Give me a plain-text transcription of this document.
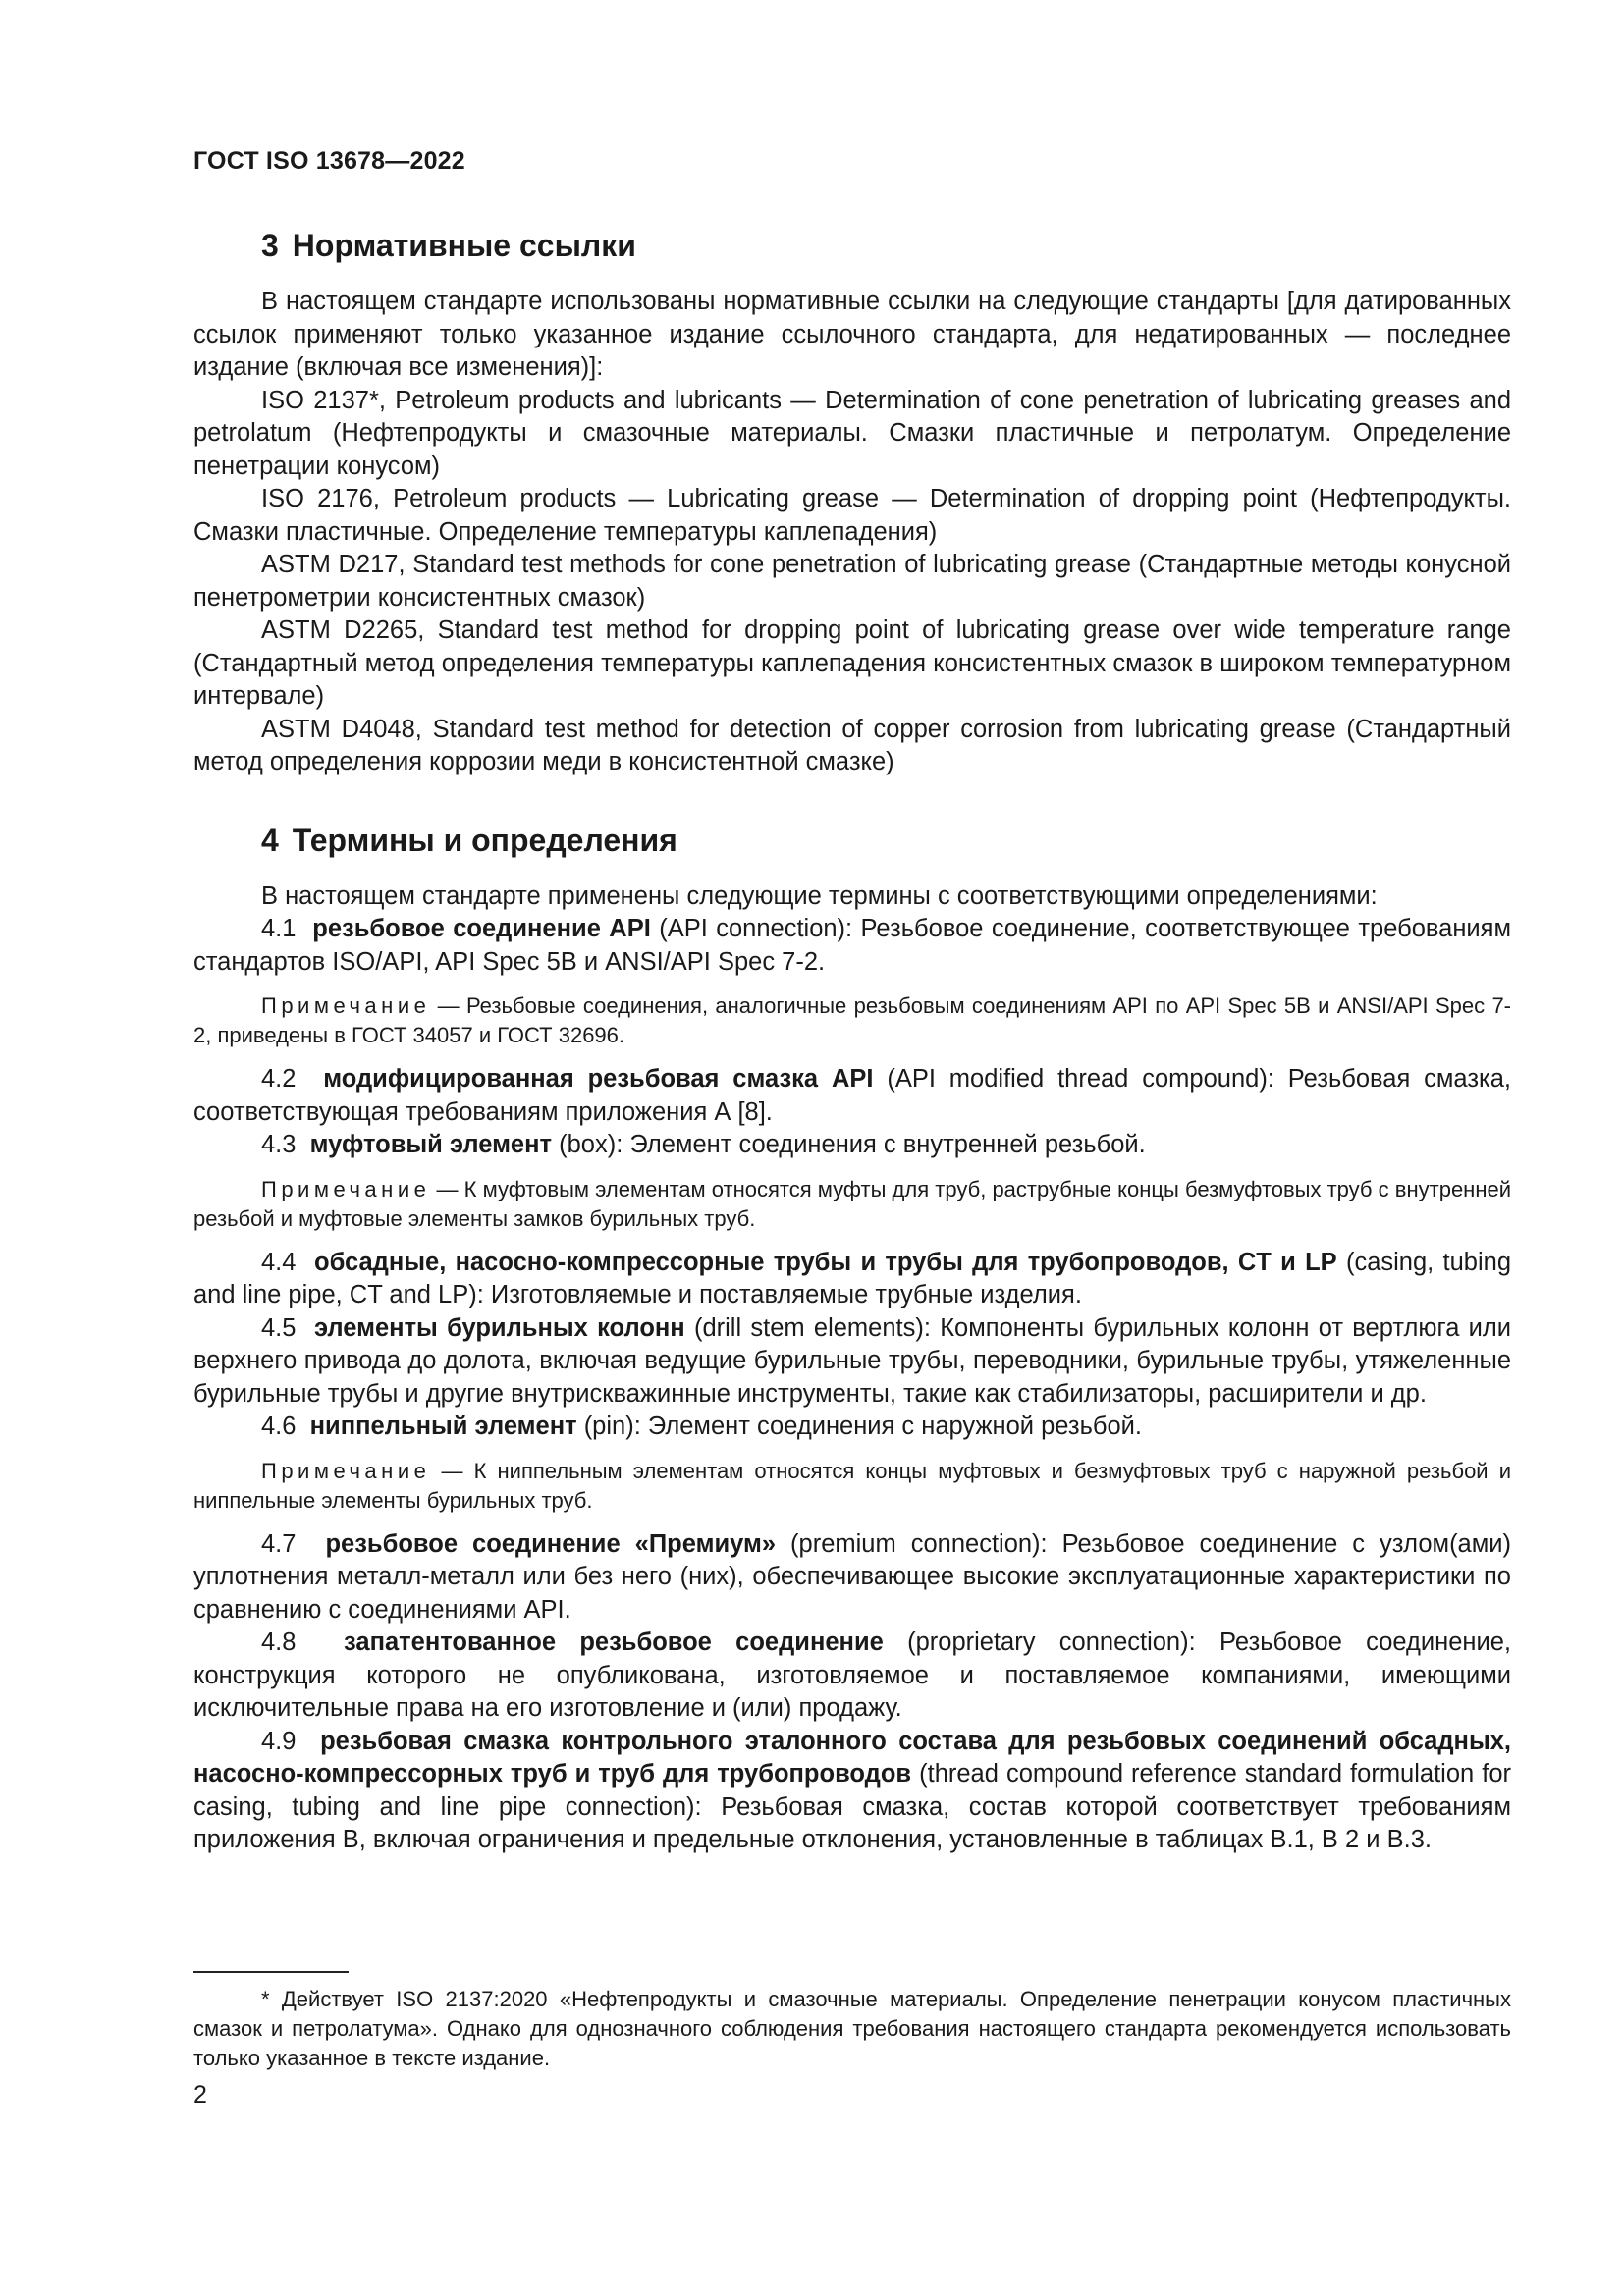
ГОСТ ISO 13678—2022
3 Нормативные ссылки

В настоящем стандарте использованы нормативные ссылки на следующие стандарты [для датированных ссылок применяют только указанное издание ссылочного стандарта, для недатированных — последнее издание (включая все изменения)]:

ISO 2137*, Petroleum products and lubricants — Determination of cone penetration of lubricating greases and petrolatum (Нефтепродукты и смазочные материалы. Смазки пластичные и петролатум. Определение пенетрации конусом)

ISO 2176, Petroleum products — Lubricating grease — Determination of dropping point (Нефтепродукты. Смазки пластичные. Определение температуры каплепадения)

ASTM D217, Standard test methods for cone penetration of lubricating grease (Стандартные методы конусной пенетрометрии консистентных смазок)

ASTM D2265, Standard test method for dropping point of lubricating grease over wide temperature range (Стандартный метод определения температуры каплепадения консистентных смазок в широком температурном интервале)

ASTM D4048, Standard test method for detection of copper corrosion from lubricating grease (Стандартный метод определения коррозии меди в консистентной смазке)

4 Термины и определения

В настоящем стандарте применены следующие термины с соответствующими определениями:

4.1 резьбовое соединение API (API connection): Резьбовое соединение, соответствующее требованиям стандартов ISO/API, API Spec 5B и ANSI/API Spec 7-2.

Примечание — Резьбовые соединения, аналогичные резьбовым соединениям API по API Spec 5B и ANSI/API Spec 7-2, приведены в ГОСТ 34057 и ГОСТ 32696.

4.2 модифицированная резьбовая смазка API (API modified thread compound): Резьбовая смазка, соответствующая требованиям приложения А [8].

4.3 муфтовый элемент (box): Элемент соединения с внутренней резьбой.

Примечание — К муфтовым элементам относятся муфты для труб, раструбные концы безмуфтовых труб с внутренней резьбой и муфтовые элементы замков бурильных труб.

4.4 обсадные, насосно-компрессорные трубы и трубы для трубопроводов, CT и LP (casing, tubing and line pipe, CT and LP): Изготовляемые и поставляемые трубные изделия.

4.5 элементы бурильных колонн (drill stem elements): Компоненты бурильных колонн от вертлюга или верхнего привода до долота, включая ведущие бурильные трубы, переводники, бурильные трубы, утяжеленные бурильные трубы и другие внутрискважинные инструменты, такие как стабилизаторы, расширители и др.

4.6 ниппельный элемент (pin): Элемент соединения с наружной резьбой.

Примечание — К ниппельным элементам относятся концы муфтовых и безмуфтовых труб с наружной резьбой и ниппельные элементы бурильных труб.

4.7 резьбовое соединение «Премиум» (premium connection): Резьбовое соединение с узлом(ами) уплотнения металл-металл или без него (них), обеспечивающее высокие эксплуатационные характеристики по сравнению с соединениями API.

4.8 запатентованное резьбовое соединение (proprietary connection): Резьбовое соединение, конструкция которого не опубликована, изготовляемое и поставляемое компаниями, имеющими исключительные права на его изготовление и (или) продажу.

4.9 резьбовая смазка контрольного эталонного состава для резьбовых соединений обсадных, насосно-компрессорных труб и труб для трубопроводов (thread compound reference standard formulation for casing, tubing and line pipe connection): Резьбовая смазка, состав которой соответствует требованиям приложения В, включая ограничения и предельные отклонения, установленные в таблицах В.1, В 2 и В.3.

* Действует ISO 2137:2020 «Нефтепродукты и смазочные материалы. Определение пенетрации конусом пластичных смазок и петролатума». Однако для однозначного соблюдения требования настоящего стандарта рекомендуется использовать только указанное в тексте издание.
2
